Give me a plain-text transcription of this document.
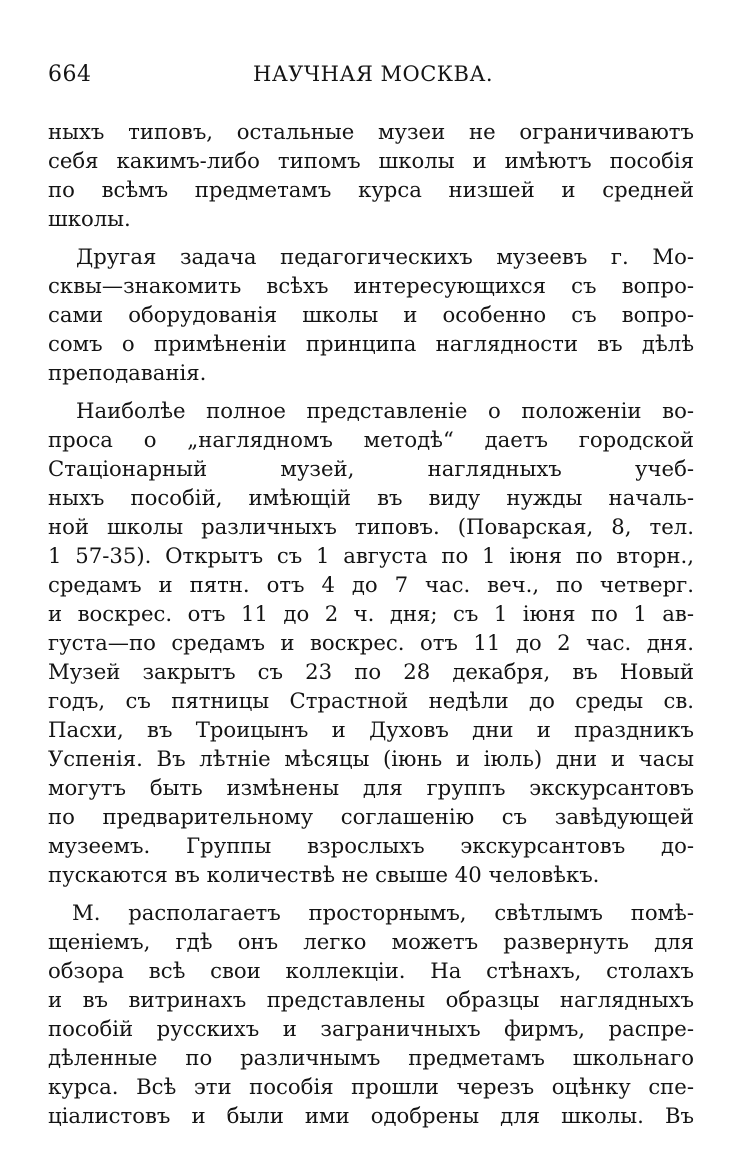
664	НАУЧНАЯ МОСКВА.
ныхъ типовъ, остальные музеи не ограничиваютъ
себя какимъ-либо типомъ школы и имѣютъ пособія
по всѣмъ предметамъ курса низшей и средней
школы.
Другая задача педагогическихъ музеевъ г. Мо-
сквы—знакомить всѣхъ интересующихся съ вопро-
сами оборудованія школы и особенно съ вопро-
сомъ о примѣненіи принципа наглядности въ дѣлѣ
преподаванія.
Наиболѣе полное представленіе о положеніи во-
проса о „наглядномъ методѣ“ даетъ городской
Стаціонарный музей, наглядныхъ учеб-
ныхъ пособій, имѣющій въ виду нужды началь-
ной школы различныхъ типовъ. (Поварская, 8, тел.
1 57-35). Открытъ съ 1 августа по 1 іюня по вторн.,
средамъ и пятн. отъ 4 до 7 час. веч., по четверг.
и воскрес. отъ 11 до 2 ч. дня; съ 1 іюня по 1 ав-
густа—по средамъ и воскрес. отъ 11 до 2 час. дня.
Музей закрытъ съ 23 по 28 декабря, въ Новый
годъ, съ пятницы Страстной недѣли до среды св.
Пасхи, въ Троицынъ и Духовъ дни и праздникъ
Успенія. Въ лѣтніе мѣсяцы (іюнь и іюль) дни и часы
могутъ быть измѣнены для группъ экскурсантовъ
по предварительному соглашенію съ завѣдующей
музеемъ. Группы взрослыхъ экскурсантовъ до-
пускаются въ количествѣ не свыше 40 человѣкъ.
М. располагаетъ просторнымъ, свѣтлымъ помѣ-
щеніемъ, гдѣ онъ легко можетъ развернуть для
обзора всѣ свои коллекціи. На стѣнахъ, столахъ
и въ витринахъ представлены образцы наглядныхъ
пособій русскихъ и заграничныхъ фирмъ, распре-
дѣленные по различнымъ предметамъ школьнаго
курса. Всѣ эти пособія прошли черезъ оцѣнку спе-
ціалистовъ и были ими одобрены для школы. Въ
